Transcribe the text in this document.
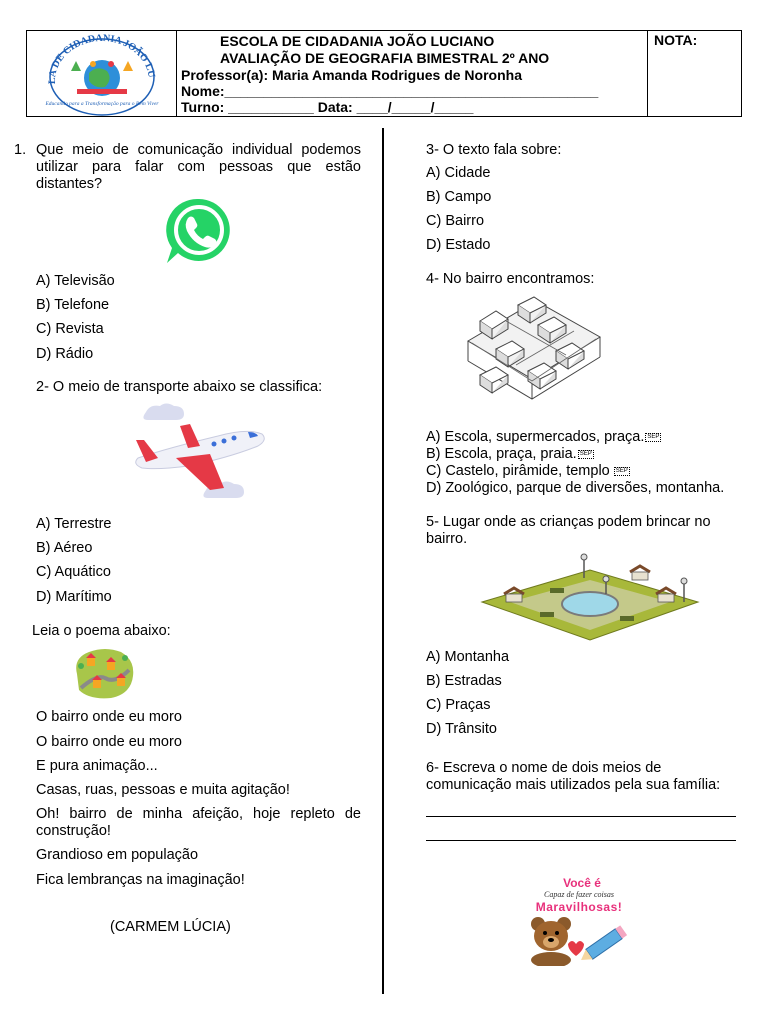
LA DE CIDADANIA JOÃO LU
Educando para a Transformação para o Bem Viver
ESCOLA DE CIDADANIA JOÃO LUCIANO
AVALIAÇÃO DE GEOGRAFIA BIMESTRAL 2º ANO
Professor(a): Maria Amanda Rodrigues de Noronha
Nome:________________________________________________
Turno: ___________ Data: ____/_____/_____
NOTA:
1. Que meio de comunicação individual podemos utilizar para falar com pessoas que estão distantes?
A) Televisão
B) Telefone
C) Revista
D) Rádio
2- O meio de transporte abaixo se classifica:
A) Terrestre
B) Aéreo
C) Aquático
D) Marítimo
Leia o poema abaixo:
O bairro onde eu moro
O bairro onde eu moro
E pura animação...
Casas, ruas, pessoas e muita agitação!
Oh! bairro de minha afeição, hoje repleto de construção!
Grandioso em população
Fica lembranças na imaginação!
(CARMEM LÚCIA)
3- O texto fala sobre:
A) Cidade
B) Campo
C) Bairro
D) Estado
4- No bairro encontramos:
A) Escola, supermercados, praça. SEP
B) Escola, praça, praia. SEP
C) Castelo, pirâmide, templo SEP
D) Zoológico, parque de diversões, montanha.
5- Lugar onde as crianças podem brincar no bairro.
A) Montanha
B) Estradas
C) Praças
D) Trânsito
6- Escreva o nome de dois meios de comunicação mais utilizados pela sua família:
Você é
Capaz de fazer coisas
Maravilhosas!
